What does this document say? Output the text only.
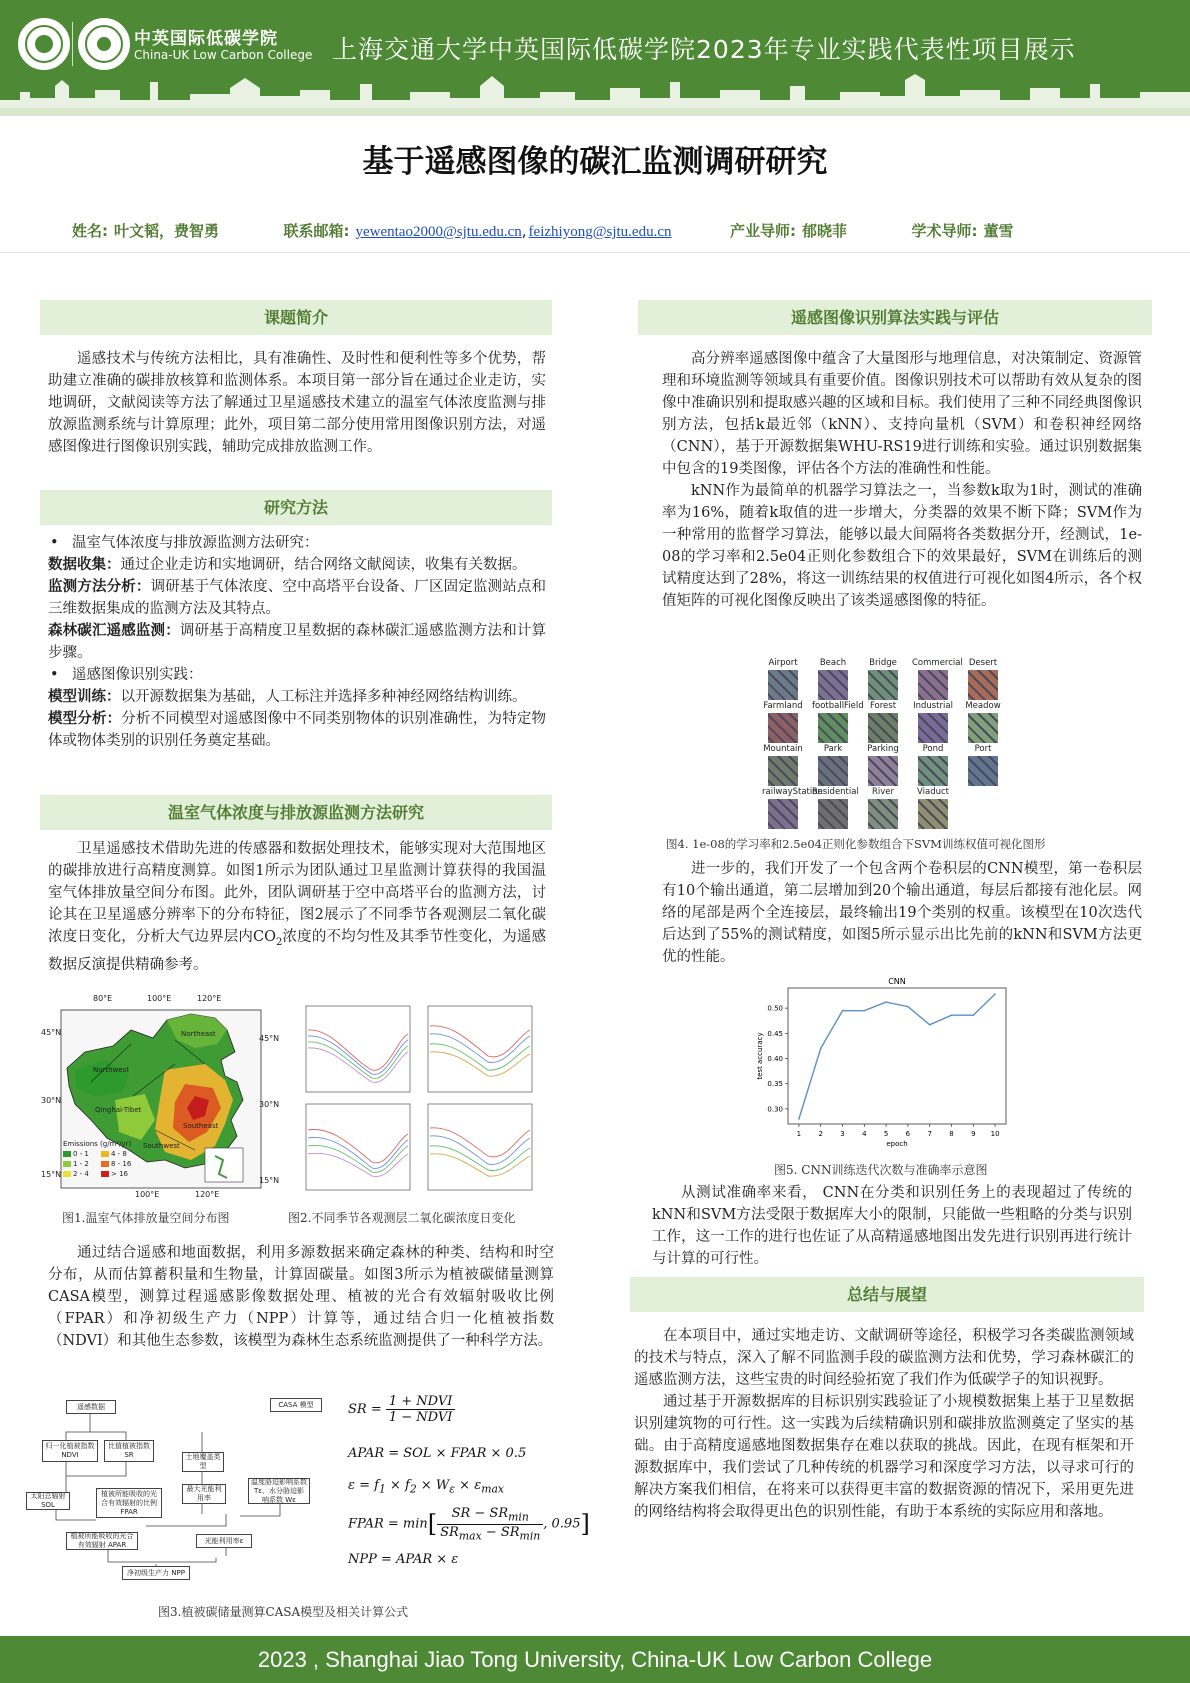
中英国际低碳学院
China-UK Low Carbon College 上海交通大学中英国际低碳学院2023年专业实践代表性项目展示
基于遥感图像的碳汇监测调研研究
姓名: 叶文韬，费智勇	联系邮箱: yewentao2000@sjtu.edu.cn, feizhiyong@sjtu.edu.cn	产业导师: 郁晓菲	学术导师: 董雪
课题简介

遥感技术与传统方法相比，具有准确性、及时性和便利性等多个优势，帮助建立准确的碳排放核算和监测体系。本项目第一部分旨在通过企业走访，实地调研，文献阅读等方法了解通过卫星遥感技术建立的温室气体浓度监测与排放源监测系统与计算原理；此外，项目第二部分使用常用图像识别方法，对遥感图像进行图像识别实践，辅助完成排放监测工作。

研究方法

• 温室气体浓度与排放源监测方法研究：

数据收集：通过企业走访和实地调研，结合网络文献阅读，收集有关数据。

监测方法分析：调研基于气体浓度、空中高塔平台设备、厂区固定监测站点和三维数据集成的监测方法及其特点。

森林碳汇遥感监测：调研基于高精度卫星数据的森林碳汇遥感监测方法和计算步骤。

• 遥感图像识别实践：

模型训练：以开源数据集为基础，人工标注并选择多种神经网络结构训练。

模型分析：分析不同模型对遥感图像中不同类别物体的识别准确性，为特定物体或物体类别的识别任务奠定基础。

温室气体浓度与排放源监测方法研究

卫星遥感技术借助先进的传感器和数据处理技术，能够实现对大范围地区的碳排放进行高精度测算。如图1所示为团队通过卫星监测计算获得的我国温室气体排放量空间分布图。此外，团队调研基于空中高塔平台的监测方法，讨论其在卫星遥感分辨率下的分布特征，图2展示了不同季节各观测层二氧化碳浓度日变化，分析大气边界层内$CO_2$浓度的不均匀性及其季节性变化，为遥感数据反演提供精确参考。

80°E	100°E	120°E
100°E	120°E
45°N
30°N
15°N
45°N
30°N
15°N
Northwest
Northeast
Qinghai-Tibet
Southwest
Southeast
Emissions (g/m²/yr)
0 - 1	4 - 8
1 - 2	8 - 16
2 - 4	> 16
图1.温室气体排放量空间分布图	图2.不同季节各观测层二氧化碳浓度日变化

通过结合遥感和地面数据，利用多源数据来确定森林的种类、结构和时空分布，从而估算蓄积量和生物量，计算固碳量。如图3所示为植被碳储量测算CASA模型，测算过程遥感影像数据处理、植被的光合有效辐射吸收比例（FPAR）和净初级生产力（NPP）计算等，通过结合归一化植被指数（NDVI）和其他生态参数，该模型为森林生态系统监测提供了一种科学方法。

遥感数据	CASA 模型
归一化植被指数 NDVI
比值植被指数 SR	土地覆盖类型
太阳总辐射 SOL
植被所能吸收的光合有效辐射的比例 FPAR
最大光能利用率
温度胁迫影响系数 Tε、水分胁迫影响系数 Wε
植被所能吸收的光合有效辐射 APAR
光能利用率ε
净初级生产力 NPP
SR = $\frac{\text{1 + NDVI}}{\text{1 − NDVI}}$
APAR = SOL × FPAR × 0.5
$\varepsilon = f_1 \times f_2 \times W_\varepsilon \times \varepsilon_{max}$
FPAR = $\min[ \frac{SR - SR_{min}}{SR_{max} - SR_{min}}$ , 0.95]
NPP = APAR × ε
图3.植被碳储量测算CASA模型及相关计算公式
遥感图像识别算法实践与评估

高分辨率遥感图像中蕴含了大量图形与地理信息，对决策制定、资源管理和环境监测等领域具有重要价值。图像识别技术可以帮助有效从复杂的图像中准确识别和提取感兴趣的区域和目标。我们使用了三种不同经典图像识别方法，包括k最近邻（kNN）、支持向量机（SVM）和卷积神经网络（CNN），基于开源数据集WHU-RS19进行训练和实验。通过识别数据集中包含的19类图像，评估各个方法的准确性和性能。

kNN作为最简单的机器学习算法之一，当参数k取为1时，测试的准确率为16%，随着k取值的进一步增大，分类器的效果不断下降；SVM作为一种常用的监督学习算法，能够以最大间隔将各类数据分开，经测试，1e-08的学习率和2.5e04正则化参数组合下的效果最好，SVM在训练后的测试精度达到了28%，将这一训练结果的权值进行可视化如图4所示，各个权值矩阵的可视化图像反映出了该类遥感图像的特征。

Airport	Beach	Bridge	Commercial Desert
Farmland footballField Forest	Industrial	Meadow
Mountain	Park	Parking	Pond	Port
railwayStation
Residential	River	Viaduct
图4. 1e-08的学习率和2.5e04正则化参数组合下SVM训练权值可视化图形

进一步的，我们开发了一个包含两个卷积层的CNN模型，第一卷积层有10个输出通道，第二层增加到20个输出通道，每层后都接有池化层。网络的尾部是两个全连接层，最终输出19个类别的权重。该模型在10次迭代后达到了55%的测试精度，如图5所示显示出比先前的kNN和SVM方法更优的性能。

1 2 3 4 5 6 7 8 9 10
0.30
0.35
0.40
0.45
0.50
CNN
epoch
test accuracy
图5. CNN训练迭代次数与准确率示意图

从测试准确率来看， CNN在分类和识别任务上的表现超过了传统的kNN和SVM方法受限于数据库大小的限制，只能做一些粗略的分类与识别工作，这一工作的进行也佐证了从高精遥感地图出发先进行识别再进行统计与计算的可行性。

总结与展望

在本项目中，通过实地走访、文献调研等途径，积极学习各类碳监测领域的技术与特点，深入了解不同监测手段的碳监测方法和优势，学习森林碳汇的遥感监测方法，这些宝贵的时间经验拓宽了我们作为低碳学子的知识视野。

通过基于开源数据库的目标识别实践验证了小规模数据集上基于卫星数据识别建筑物的可行性。这一实践为后续精确识别和碳排放监测奠定了坚实的基础。由于高精度遥感地图数据集存在难以获取的挑战。因此，在现有框架和开源数据库中，我们尝试了几种传统的机器学习和深度学习方法，以寻求可行的解决方案我们相信，在将来可以获得更丰富的数据资源的情况下，采用更先进的网络结构将会取得更出色的识别性能，有助于本系统的实际应用和落地。

2023 , Shanghai Jiao Tong University, China-UK Low Carbon College
